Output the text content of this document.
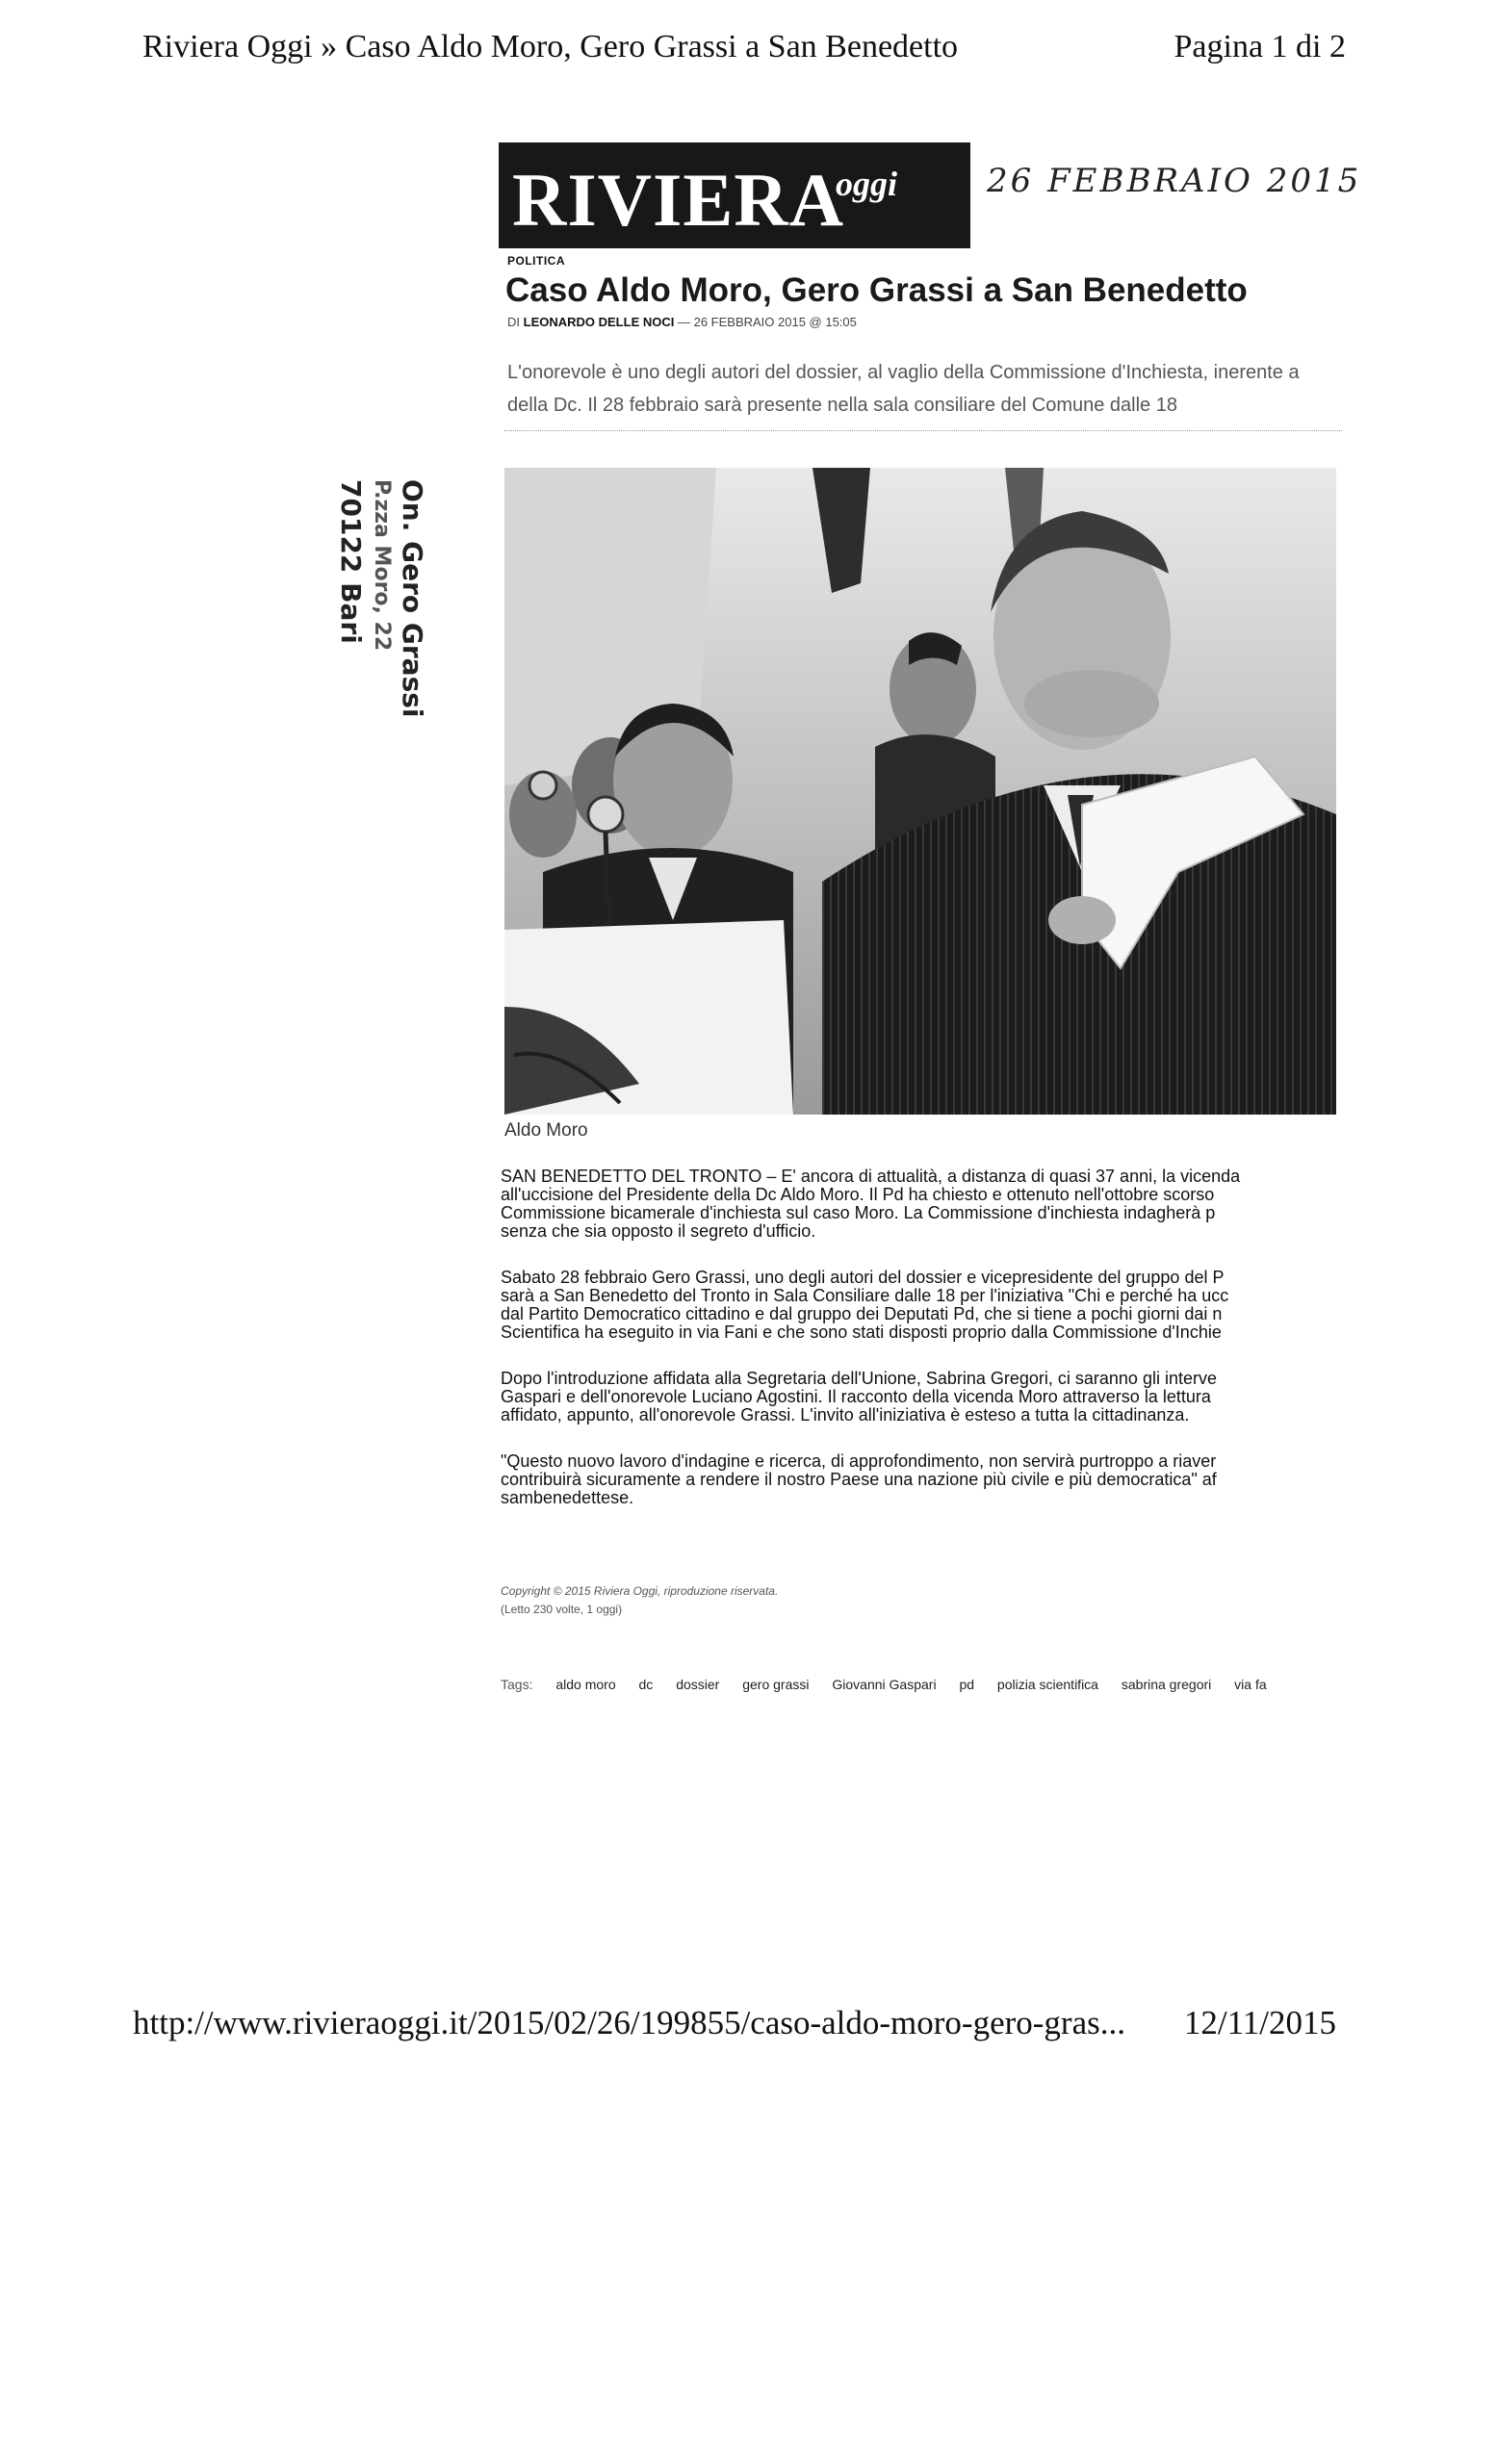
Riviera Oggi » Caso Aldo Moro, Gero Grassi a San Benedetto	Pagina 1 di 2
RIVIERA
oggi	26 FEBBRAIO 2015
POLITICA
Caso Aldo Moro, Gero Grassi a San Benedetto
DI LEONARDO DELLE NOCI — 26 FEBBRAIO 2015 @ 15:05
L'onorevole è uno degli autori del dossier, al vaglio della Commissione d'Inchiesta, inerente a
della Dc. Il 28 febbraio sarà presente nella sala consiliare del Comune dalle 18
On. Gero Grassi
P.zza Moro, 22
70122 Bari
Aldo Moro

SAN BENEDETTO DEL TRONTO – E' ancora di attualità, a distanza di quasi 37 anni, la vicenda
all'uccisione del Presidente della Dc Aldo Moro. Il Pd ha chiesto e ottenuto nell'ottobre scorso
Commissione bicamerale d'inchiesta sul caso Moro. La Commissione d'inchiesta indagherà p
senza che sia opposto il segreto d'ufficio.

Sabato 28 febbraio Gero Grassi, uno degli autori del dossier e vicepresidente del gruppo del P
sarà a San Benedetto del Tronto in Sala Consiliare dalle 18 per l'iniziativa "Chi e perché ha ucc
dal Partito Democratico cittadino e dal gruppo dei Deputati Pd, che si tiene a pochi giorni dai n
Scientifica ha eseguito in via Fani e che sono stati disposti proprio dalla Commissione d'Inchie

Dopo l'introduzione affidata alla Segretaria dell'Unione, Sabrina Gregori, ci saranno gli interve
Gaspari e dell'onorevole Luciano Agostini. Il racconto della vicenda Moro attraverso la lettura
affidato, appunto, all'onorevole Grassi. L'invito all'iniziativa è esteso a tutta la cittadinanza.

"Questo nuovo lavoro d'indagine e ricerca, di approfondimento, non servirà purtroppo a riaver
contribuirà sicuramente a rendere il nostro Paese una nazione più civile e più democratica" af
sambenedettese.

Copyright © 2015 Riviera Oggi, riproduzione riservata.
(Letto 230 volte, 1 oggi)
Tags: aldo moro dc dossier gero grassi Giovanni Gaspari pd polizia scientifica sabrina gregori via fa
http://www.rivieraoggi.it/2015/02/26/199855/caso-aldo-moro-gero-gras... 12/11/2015
